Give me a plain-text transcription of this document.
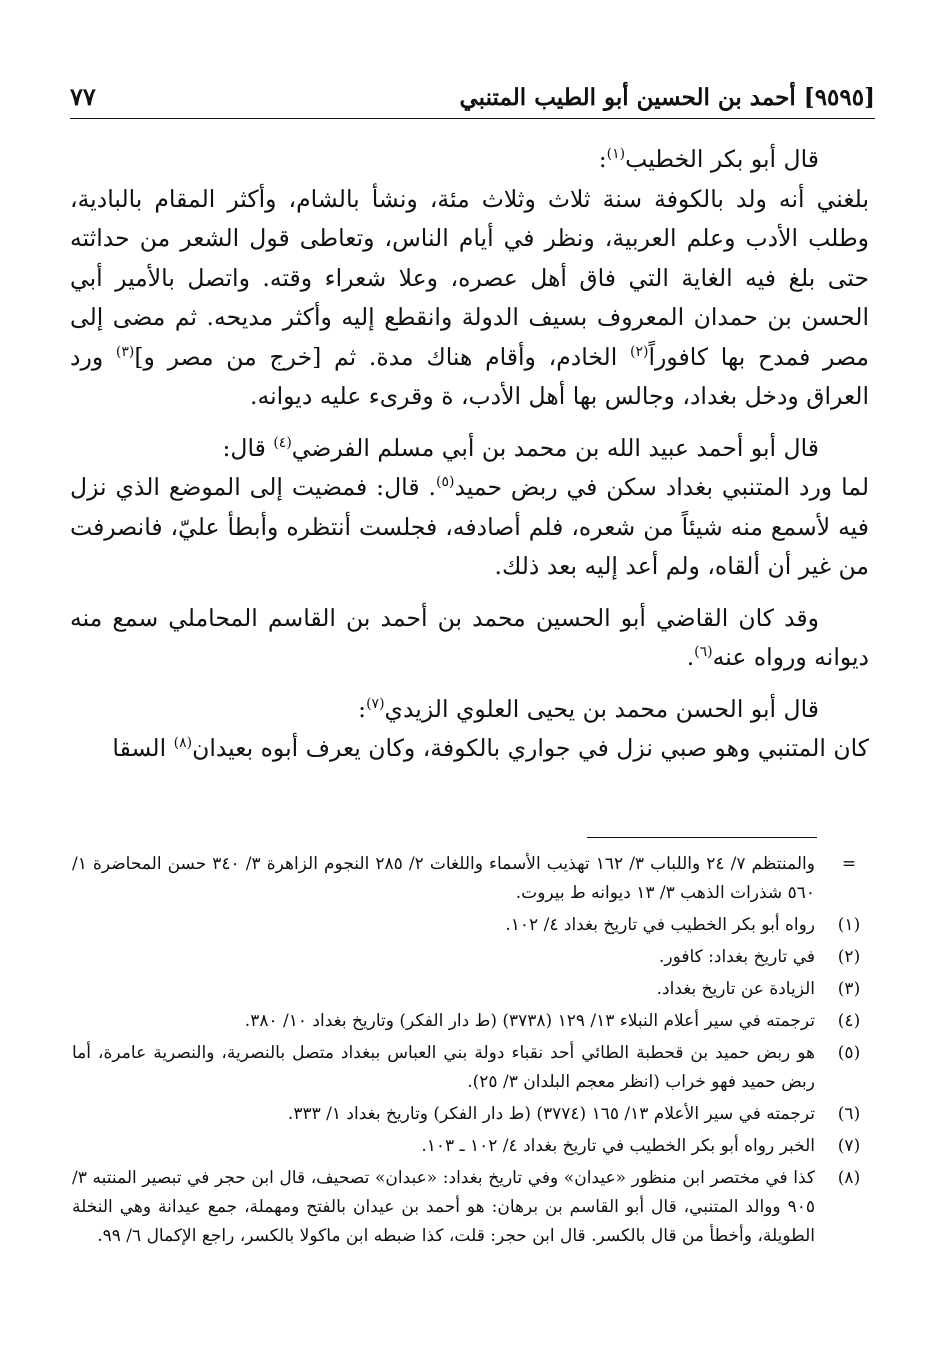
[٩٥٩٥] أحمد بن الحسين أبو الطيب المتنبي
٧٧

قال أبو بكر الخطيب$^{(١)}$:

بلغني أنه ولد بالكوفة سنة ثلاث وثلاث مئة، ونشأ بالشام، وأكثر المقام بالبادية، وطلب الأدب وعلم العربية، ونظر في أيام الناس، وتعاطى قول الشعر من حداثته حتى بلغ فيه الغاية التي فاق أهل عصره، وعلا شعراء وقته. واتصل بالأمير أبي الحسن بن حمدان المعروف بسيف الدولة وانقطع إليه وأكثر مديحه. ثم مضى إلى مصر فمدح بها كافوراً$^{(٢)}$ الخادم، وأقام هناك مدة. ثم [خرج من مصر و]$^{(٣)}$ ورد العراق ودخل بغداد، وجالس بها أهل الأدب، ة وقرىء عليه ديوانه.

قال أبو أحمد عبيد الله بن محمد بن أبي مسلم الفرضي$^{(٤)}$ قال:

لما ورد المتنبي بغداد سكن في ربض حميد$^{(٥)}$. قال: فمضيت إلى الموضع الذي نزل فيه لأسمع منه شيئاً من شعره، فلم أصادفه، فجلست أنتظره وأبطأ عليّ، فانصرفت من غير أن ألقاه، ولم أعد إليه بعد ذلك.

وقد كان القاضي أبو الحسين محمد بن أحمد بن القاسم المحاملي سمع منه ديوانه ورواه عنه$^{(٦)}$.

قال أبو الحسن محمد بن يحيى العلوي الزيدي$^{(٧)}$:

كان المتنبي وهو صبي نزل في جواري بالكوفة، وكان يعرف أبوه بعيدان$^{(٨)}$ السقا

=
والمنتظم ٧/ ٢٤ واللباب ٣/ ١٦٢ تهذيب الأسماء واللغات ٢/ ٢٨٥ النجوم الزاهرة ٣/ ٣٤٠ حسن المحاضرة ١/ ٥٦٠ شذرات الذهب ٣/ ١٣ ديوانه ط بيروت.
(١)
رواه أبو بكر الخطيب في تاريخ بغداد ٤/ ١٠٢.
(٢)
في تاريخ بغداد: كافور.
(٣)
الزيادة عن تاريخ بغداد.
(٤)
ترجمته في سير أعلام النبلاء ١٣/ ١٢٩ (٣٧٣٨) (ط دار الفكر) وتاريخ بغداد ١٠/ ٣٨٠.
(٥)
هو ربض حميد بن قحطبة الطائي أحد نقباء دولة بني العباس ببغداد متصل بالنصرية، والنصرية عامرة، أما ربض حميد فهو خراب (انظر معجم البلدان ٣/ ٢٥).
(٦)
ترجمته في سير الأعلام ١٣/ ١٦٥ (٣٧٧٤) (ط دار الفكر) وتاريخ بغداد ١/ ٣٣٣.
(٧)
الخبر رواه أبو بكر الخطيب في تاريخ بغداد ٤/ ١٠٢ ـ ١٠٣.
(٨)
كذا في مختصر ابن منظور «عيدان» وفي تاريخ بغداد: «عبدان» تصحيف، قال ابن حجر في تبصير المنتبه ٣/ ٩٠٥ ووالد المتنبي، قال أبو القاسم بن برهان: هو أحمد بن عيدان بالفتح ومهملة، جمع عيدانة وهي النخلة الطويلة، وأخطأ من قال بالكسر. قال ابن حجر: قلت، كذا ضبطه ابن ماكولا بالكسر، راجع الإكمال ٦/ ٩٩.
